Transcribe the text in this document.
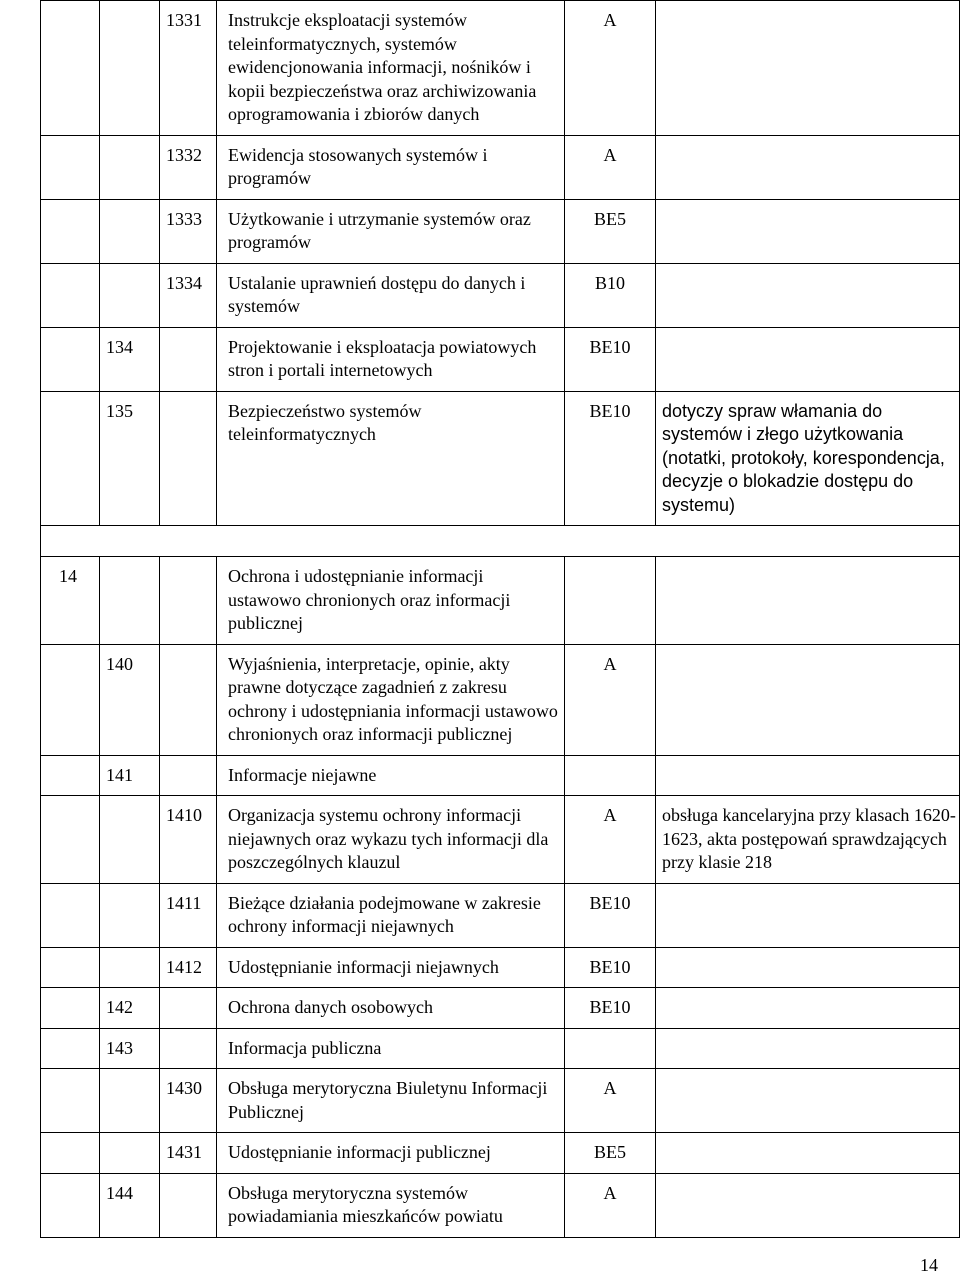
		1331	Instrukcje eksploatacji systemów teleinformatycznych, systemów ewidencjonowania informacji, nośników i kopii bezpieczeństwa oraz archiwizowania oprogramowania i zbiorów danych	A	
		1332	Ewidencja stosowanych systemów i programów	A	
		1333	Użytkowanie i utrzymanie systemów oraz programów	BE5	
		1334	Ustalanie uprawnień dostępu do danych i systemów	B10	
	134		Projektowanie i eksploatacja powiatowych stron i portali internetowych	BE10	
	135		Bezpieczeństwo systemów teleinformatycznych	BE10	dotyczy spraw włamania do systemów i złego użytkowania (notatki, protokoły, korespondencja, decyzje o blokadzie dostępu do systemu)

14			Ochrona i udostępnianie informacji ustawowo chronionych oraz informacji publicznej		
	140		Wyjaśnienia, interpretacje, opinie, akty prawne dotyczące zagadnień z zakresu ochrony i udostępniania informacji ustawowo chronionych oraz informacji publicznej	A	
	141		Informacje niejawne		
		1410	Organizacja systemu ochrony informacji niejawnych oraz wykazu tych informacji dla poszczególnych klauzul	A	obsługa kancelaryjna przy klasach 1620-1623, akta postępowań sprawdzających przy klasie 218
		1411	Bieżące działania podejmowane w zakresie ochrony informacji niejawnych	BE10	
		1412	Udostępnianie informacji niejawnych	BE10	
	142		Ochrona danych osobowych	BE10	
	143		Informacja publiczna		
		1430	Obsługa merytoryczna Biuletynu Informacji Publicznej	A	
		1431	Udostępnianie informacji publicznej	BE5	
	144		Obsługa merytoryczna systemów powiadamiania mieszkańców powiatu	A	
14
